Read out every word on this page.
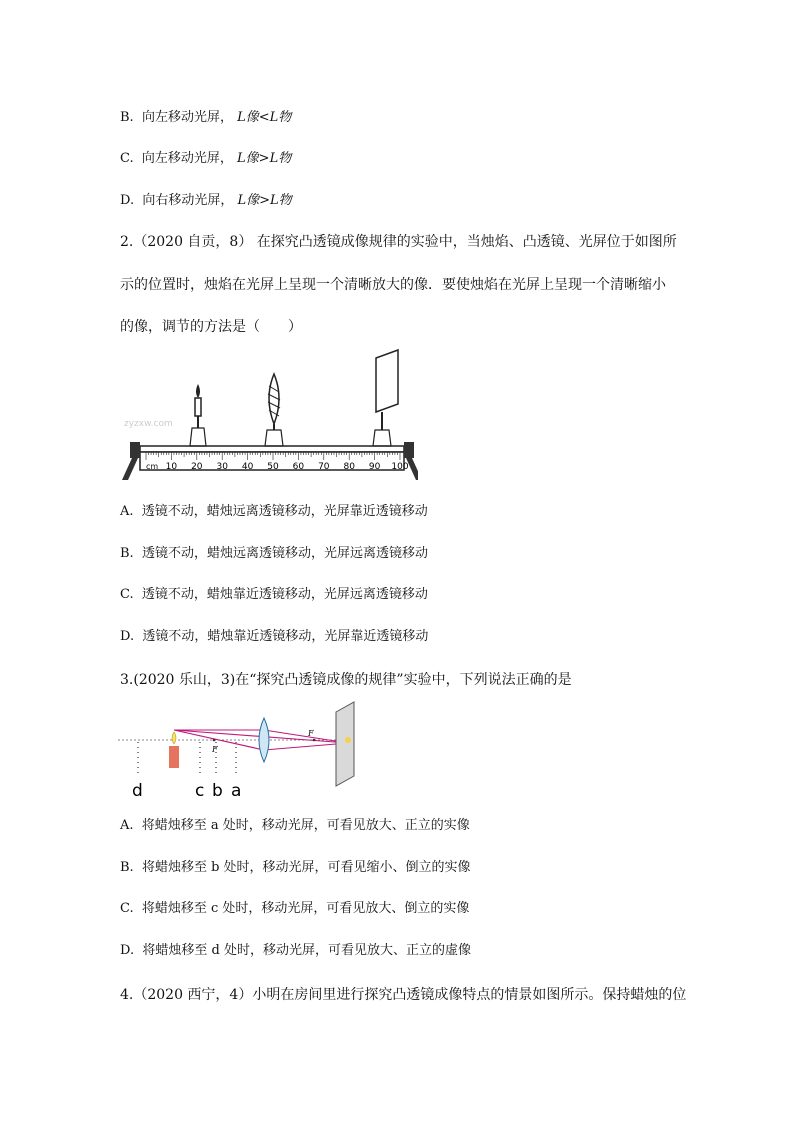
B. 向左移动光屏， L像<L物
C. 向左移动光屏， L像>L物
D. 向右移动光屏， L像>L物
2.（2020 自贡，8） 在探究凸透镜成像规律的实验中，当烛焰、凸透镜、光屏位于如图所
示的位置时，烛焰在光屏上呈现一个清晰放大的像．要使烛焰在光屏上呈现一个清晰缩小
的像，调节的方法是（　　）
zyzxw.com
10 20 30 40 50 60 70 80 90 100
cm
A. 透镜不动，蜡烛远离透镜移动，光屏靠近透镜移动
B. 透镜不动，蜡烛远离透镜移动，光屏远离透镜移动
C. 透镜不动，蜡烛靠近透镜移动，光屏远离透镜移动
D. 透镜不动，蜡烛靠近透镜移动，光屏靠近透镜移动
3.(2020 乐山，3)在“探究凸透镜成像的规律”实验中，下列说法正确的是
F
F
d	c b a
A. 将蜡烛移至 a 处时，移动光屏，可看见放大、正立的实像
B. 将蜡烛移至 b 处时，移动光屏，可看见缩小、倒立的实像
C. 将蜡烛移至 c 处时，移动光屏，可看见放大、倒立的实像
D. 将蜡烛移至 d 处时，移动光屏，可看见放大、正立的虚像
4.（2020 西宁，4）小明在房间里进行探究凸透镜成像特点的情景如图所示。保持蜡烛的位
